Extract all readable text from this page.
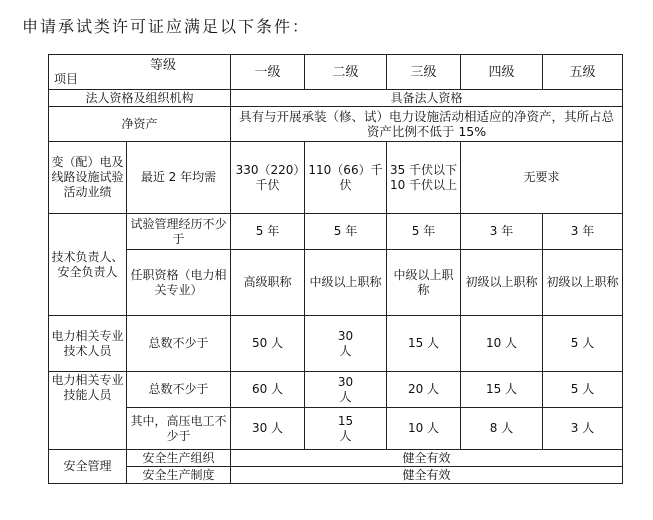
申请承试类许可证应满足以下条件：
等级
项目		一级	二级	三级	四级	五级
法人资格及组织机构		具备法人资格				
净资产		具有与开展承装（修、试）电力设施活动相适应的净资产，其所占总资产比例不低于 15%				
变（配）电及线路设施试验活动业绩	最近 2 年均需	330（220）千伏	110（66）千伏	35 千伏以下10 千伏以上	无要求	
技术负责人、安全负责人	试验管理经历不少于	5 年	5 年	5 年	3 年	3 年
	任职资格（电力相关专业）	高级职称	中级以上职称	中级以上职称	初级以上职称	初级以上职称
电力相关专业技术人员	总数不少于	50 人	30 人	15 人	10 人	5 人
电力相关专业技能人员	总数不少于	60 人	30 人	20 人	15 人	5 人
	其中，高压电工不少于	30 人	15 人	10 人	8 人	3 人
安全管理	安全生产组织	健全有效				
	安全生产制度	健全有效				
